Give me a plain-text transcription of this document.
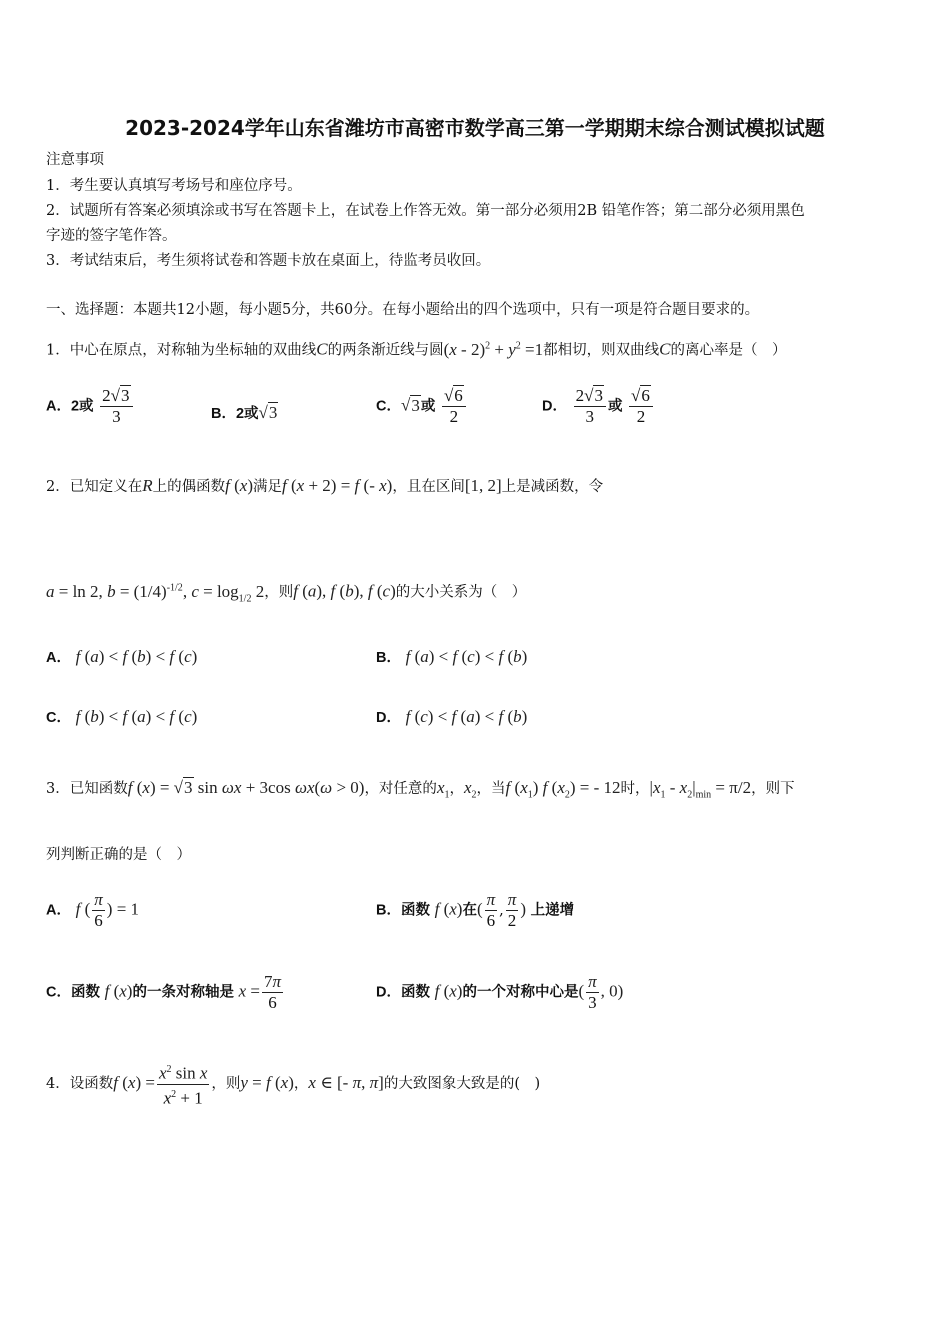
2023-2024学年山东省潍坊市高密市数学高三第一学期期末综合测试模拟试题
注意事项
1．考生要认真填写考场号和座位序号。
2．试题所有答案必须填涂或书写在答题卡上，在试卷上作答无效。第一部分必须用2B 铅笔作答；第二部分必须用黑色
字迹的签字笔作答。
3．考试结束后，考生须将试卷和答题卡放在桌面上，待监考员收回。
一、选择题：本题共12小题，每小题5分，共60分。在每小题给出的四个选项中，只有一项是符合题目要求的。
1．中心在原点，对称轴为坐标轴的双曲线C的两条渐近线与圆$(x - 2)^2 + y^2 =1$都相切，则双曲线C的离心率是（　）
A．2或 $\frac{2√3}{3}$	B．2或√3	C．√3或 $\frac{√6}{2}$	D． $\frac{2√3}{3}$ 或 $\frac{√6}{2}$
2．已知定义在R上的偶函数f (x)满足f (x + 2) = f (- x)，且在区间[1, 2]上是减函数，令
a = ln 2, $b = (1/4)^{-1/2}$, $c = \log_{1/2} 2$，则f (a), f (b), f (c)的大小关系为（　）
A． f (a) < f (b) < f (c)	B． f (a) < f (c) < f (b)
C． f (b) < f (a) < f (c)	D． f (c) < f (a) < f (b)
3．已知函数f (x) = √3 sin ωx + 3cos ωx(ω > 0)，对任意的$x_1$，$x_2$，当f $(x_1)$ f $(x_2)$ = - 12时，$|x_1 - x_2|_{min} = \pi/2$，则下
列判断正确的是（　）
A． f ( $\frac{\pi}{6}$ ) = 1	B．函数 f (x)在( $\frac{\pi}{6}$ , $\frac{\pi}{2}$ ) 上递增
C．函数 f (x)的一条对称轴是 $x = \frac{7\pi}{6}$	D．函数 f (x)的一个对称中心是( $\frac{\pi}{3}$ , 0)
4．设函数f $(x) = \frac{x^2 \sin x}{x^2 + 1}$ ，则y = f (x)，x ∈ [- π, π]的大致图象大致是的(　)
